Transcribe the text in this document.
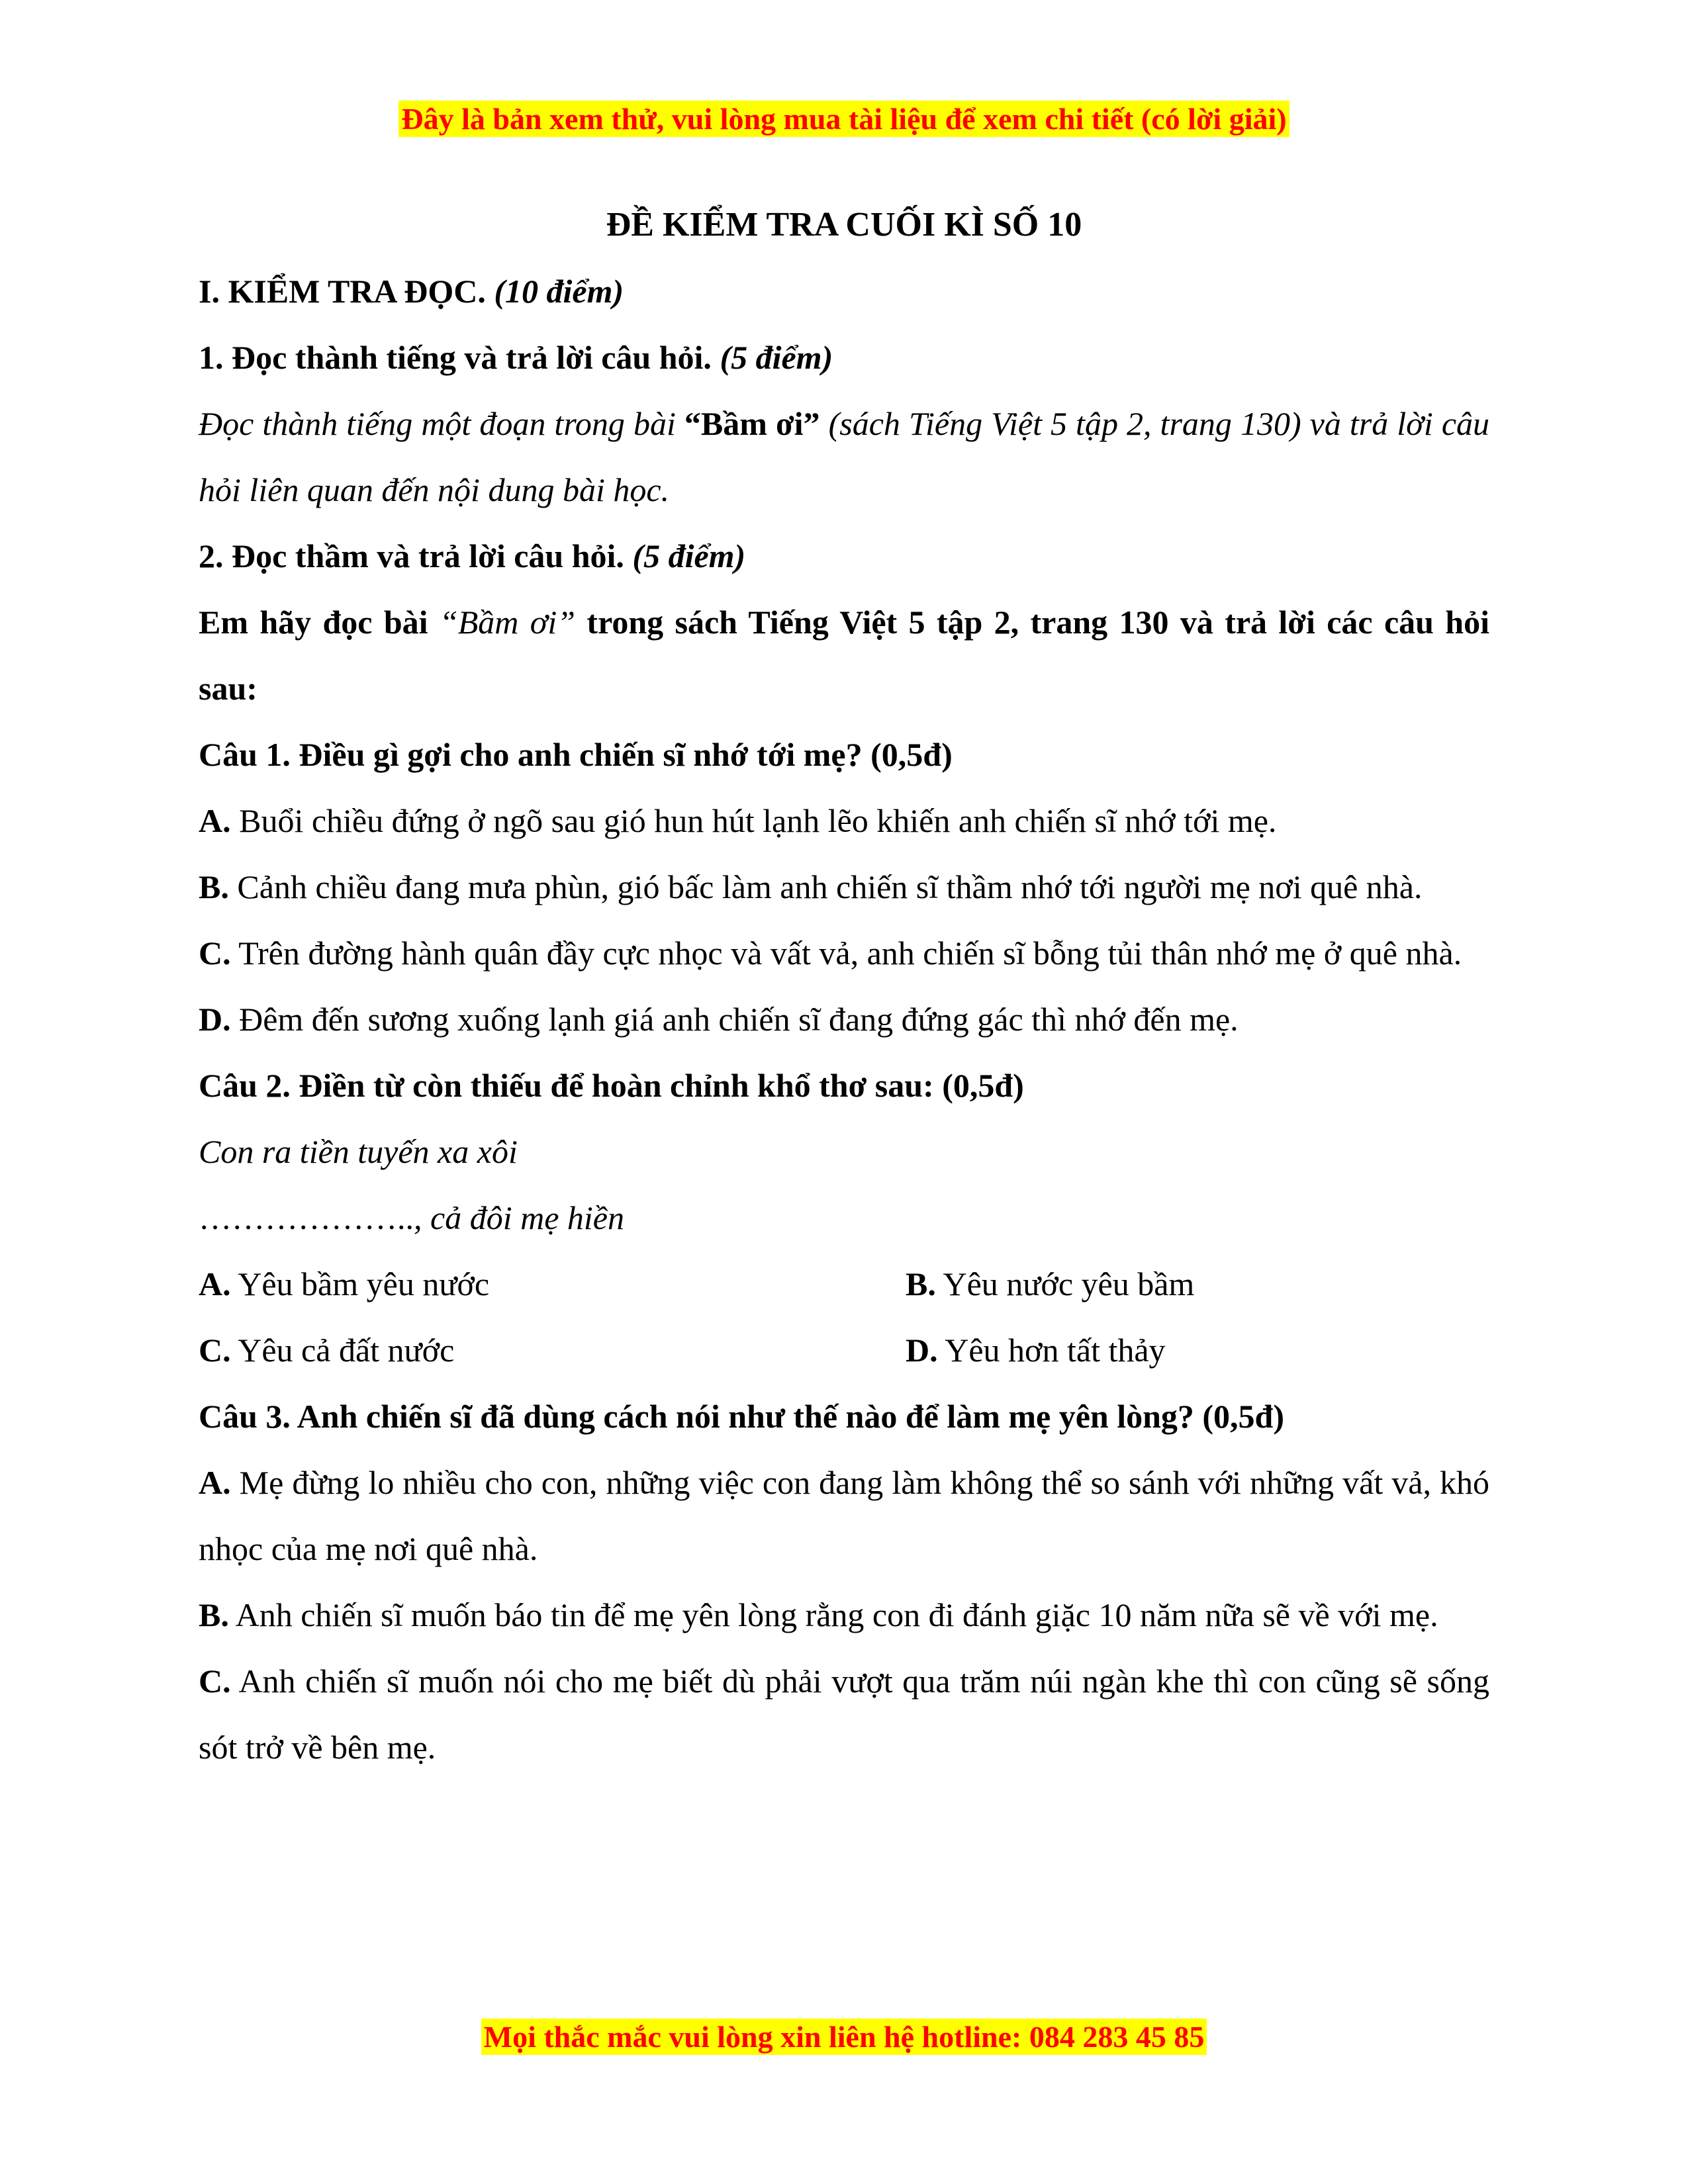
Đây là bản xem thử, vui lòng mua tài liệu để xem chi tiết (có lời giải)

ĐỀ KIỂM TRA CUỐI KÌ SỐ 10

I. KIỂM TRA ĐỌC. (10 điểm)

1. Đọc thành tiếng và trả lời câu hỏi. (5 điểm)

Đọc thành tiếng một đoạn trong bài “Bầm ơi” (sách Tiếng Việt 5 tập 2, trang 130) và trả lời câu hỏi liên quan đến nội dung bài học.

2. Đọc thầm và trả lời câu hỏi. (5 điểm)

Em hãy đọc bài “Bầm ơi” trong sách Tiếng Việt 5 tập 2, trang 130 và trả lời các câu hỏi sau:

Câu 1. Điều gì gợi cho anh chiến sĩ nhớ tới mẹ? (0,5đ)

A. Buổi chiều đứng ở ngõ sau gió hun hút lạnh lẽo khiến anh chiến sĩ nhớ tới mẹ.

B. Cảnh chiều đang mưa phùn, gió bấc làm anh chiến sĩ thầm nhớ tới người mẹ nơi quê nhà.

C. Trên đường hành quân đầy cực nhọc và vất vả, anh chiến sĩ bỗng tủi thân nhớ mẹ ở quê nhà.

D. Đêm đến sương xuống lạnh giá anh chiến sĩ đang đứng gác thì nhớ đến mẹ.

Câu 2. Điền từ còn thiếu để hoàn chỉnh khổ thơ sau: (0,5đ)

Con ra tiền tuyến xa xôi

……………….., cả đôi mẹ hiền

A. Yêu bầm yêu nước	B. Yêu nước yêu bầm
C. Yêu cả đất nước	D. Yêu hơn tất thảy

Câu 3. Anh chiến sĩ đã dùng cách nói như thế nào để làm mẹ yên lòng? (0,5đ)

A. Mẹ đừng lo nhiều cho con, những việc con đang làm không thể so sánh với những vất vả, khó nhọc của mẹ nơi quê nhà.

B. Anh chiến sĩ muốn báo tin để mẹ yên lòng rằng con đi đánh giặc 10 năm nữa sẽ về với mẹ.

C. Anh chiến sĩ muốn nói cho mẹ biết dù phải vượt qua trăm núi ngàn khe thì con cũng sẽ sống sót trở về bên mẹ.

Mọi thắc mắc vui lòng xin liên hệ hotline: 084 283 45 85
